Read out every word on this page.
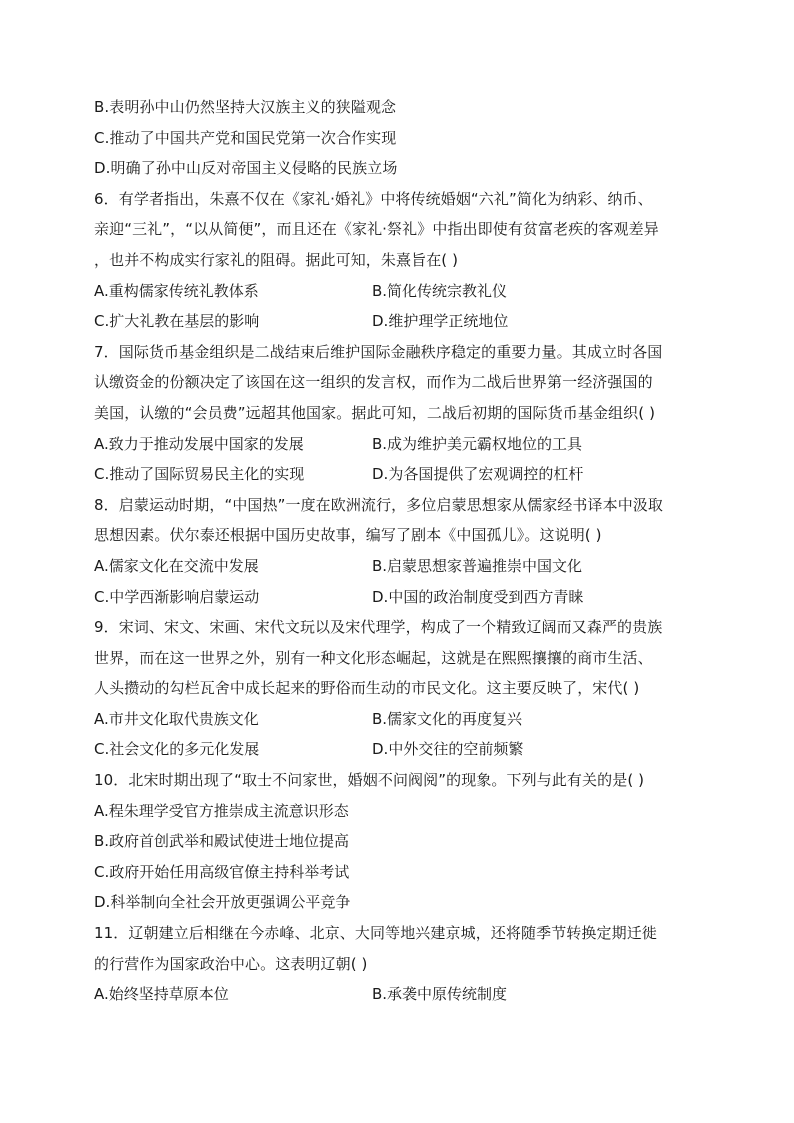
B.表明孙中山仍然坚持大汉族主义的狭隘观念
C.推动了中国共产党和国民党第一次合作实现
D.明确了孙中山反对帝国主义侵略的民族立场
6．有学者指出，朱熹不仅在《家礼·婚礼》中将传统婚姻“六礼”简化为纳彩、纳币、
亲迎“三礼”，“以从简便”，而且还在《家礼·祭礼》中指出即使有贫富老疾的客观差异
，也并不构成实行家礼的阻碍。据此可知，朱熹旨在( )
A.重构儒家传统礼教体系	B.简化传统宗教礼仪
C.扩大礼教在基层的影响	D.维护理学正统地位
7．国际货币基金组织是二战结束后维护国际金融秩序稳定的重要力量。其成立时各国
认缴资金的份额决定了该国在这一组织的发言权，而作为二战后世界第一经济强国的
美国，认缴的“会员费”远超其他国家。据此可知，二战后初期的国际货币基金组织( )
A.致力于推动发展中国家的发展	B.成为维护美元霸权地位的工具
C.推动了国际贸易民主化的实现	D.为各国提供了宏观调控的杠杆
8．启蒙运动时期，“中国热”一度在欧洲流行，多位启蒙思想家从儒家经书译本中汲取
思想因素。伏尔泰还根据中国历史故事，编写了剧本《中国孤儿》。这说明( )
A.儒家文化在交流中发展	B.启蒙思想家普遍推崇中国文化
C.中学西渐影响启蒙运动	D.中国的政治制度受到西方青睐
9．宋词、宋文、宋画、宋代文玩以及宋代理学，构成了一个精致辽阔而又森严的贵族
世界，而在这一世界之外，别有一种文化形态崛起，这就是在熙熙攘攘的商市生活、
人头攒动的勾栏瓦舍中成长起来的野俗而生动的市民文化。这主要反映了，宋代( )
A.市井文化取代贵族文化	B.儒家文化的再度复兴
C.社会文化的多元化发展	D.中外交往的空前频繁
10．北宋时期出现了“取士不问家世，婚姻不问阀阅”的现象。下列与此有关的是( )
A.程朱理学受官方推崇成主流意识形态
B.政府首创武举和殿试使进士地位提高
C.政府开始任用高级官僚主持科举考试
D.科举制向全社会开放更强调公平竞争
11．辽朝建立后相继在今赤峰、北京、大同等地兴建京城，还将随季节转换定期迁徙
的行营作为国家政治中心。这表明辽朝( )
A.始终坚持草原本位	B.承袭中原传统制度
